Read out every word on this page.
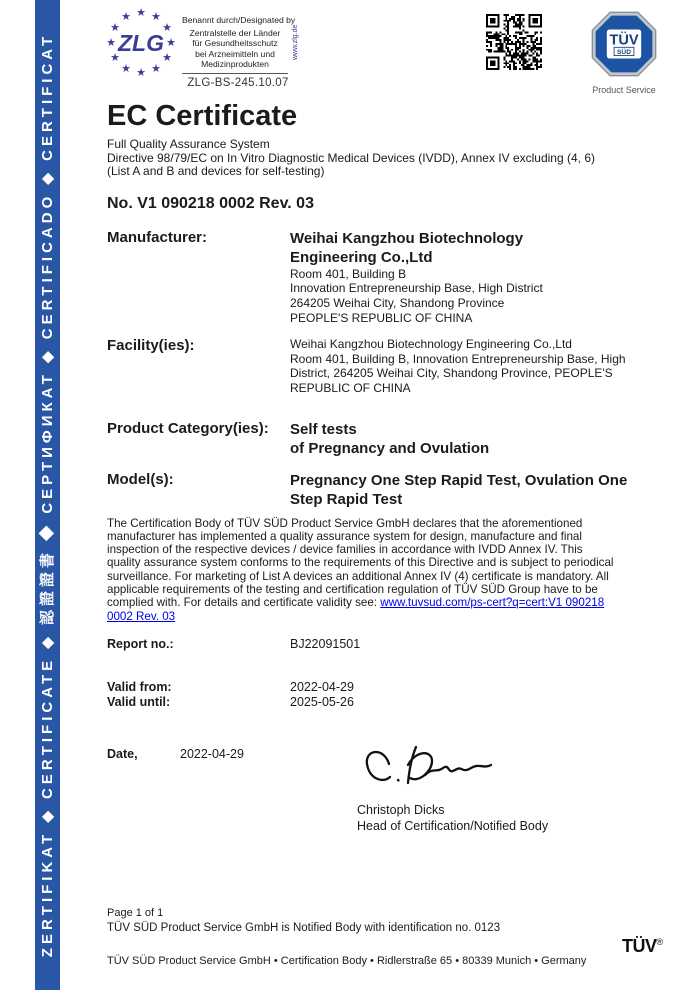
ZERTIFIKAT ◆ CERTIFICATE ◆ 認證證書 ◆ СЕРТИФИКАТ ◆ CERTIFICADO ◆ CERTIFICAT
★ ★
★
★
★
★
★
★
★
★
★
★
ZLG
Benannt durch/Designated by
Zentralstelle der Länder
für Gesundheitsschutz
bei Arzneimitteln und
Medizinprodukten
ZLG-BS-245.10.07
www.zlg.de	TÜV
SÜD
Product Service
EC Certificate
Full Quality Assurance System
Directive 98/79/EC on In Vitro Diagnostic Medical Devices (IVDD), Annex IV excluding (4, 6)
(List A and B and devices for self-testing)
No. V1 090218 0002 Rev. 03
Manufacturer:	Weihai Kangzhou Biotechnology
Engineering Co.,Ltd
Room 401, Building B
Innovation Entrepreneurship Base, High District
264205 Weihai City, Shandong Province
PEOPLE'S REPUBLIC OF CHINA
Facility(ies):	Weihai Kangzhou Biotechnology Engineering Co.,Ltd
Room 401, Building B, Innovation Entrepreneurship Base, High District, 264205 Weihai City, Shandong Province, PEOPLE'S REPUBLIC OF CHINA
Product Category(ies):	Self tests
of Pregnancy and Ovulation
Model(s):	Pregnancy One Step Rapid Test, Ovulation One Step Rapid Test
The Certification Body of TÜV SÜD Product Service GmbH declares that the aforementioned manufacturer has implemented a quality assurance system for design, manufacture and final inspection of the respective devices / device families in accordance with IVDD Annex IV. This quality assurance system conforms to the requirements of this Directive and is subject to periodical surveillance. For marketing of List A devices an additional Annex IV (4) certificate is mandatory. All applicable requirements of the testing and certification regulation of TÜV SÜD Group have to be complied with. For details and certificate validity see: www.tuvsud.com/ps-cert?q=cert:V1 090218 0002 Rev. 03
Report no.:	BJ22091501
Valid from:	2022-04-29
Valid until:	2025-05-26
Date,	2022-04-29
Christoph Dicks
Head of Certification/Notified Body
Page 1 of 1
TÜV SÜD Product Service GmbH is Notified Body with identification no. 0123
TÜV SÜD Product Service GmbH • Certification Body • Ridlerstraße 65 • 80339 Munich • Germany
TÜV®
